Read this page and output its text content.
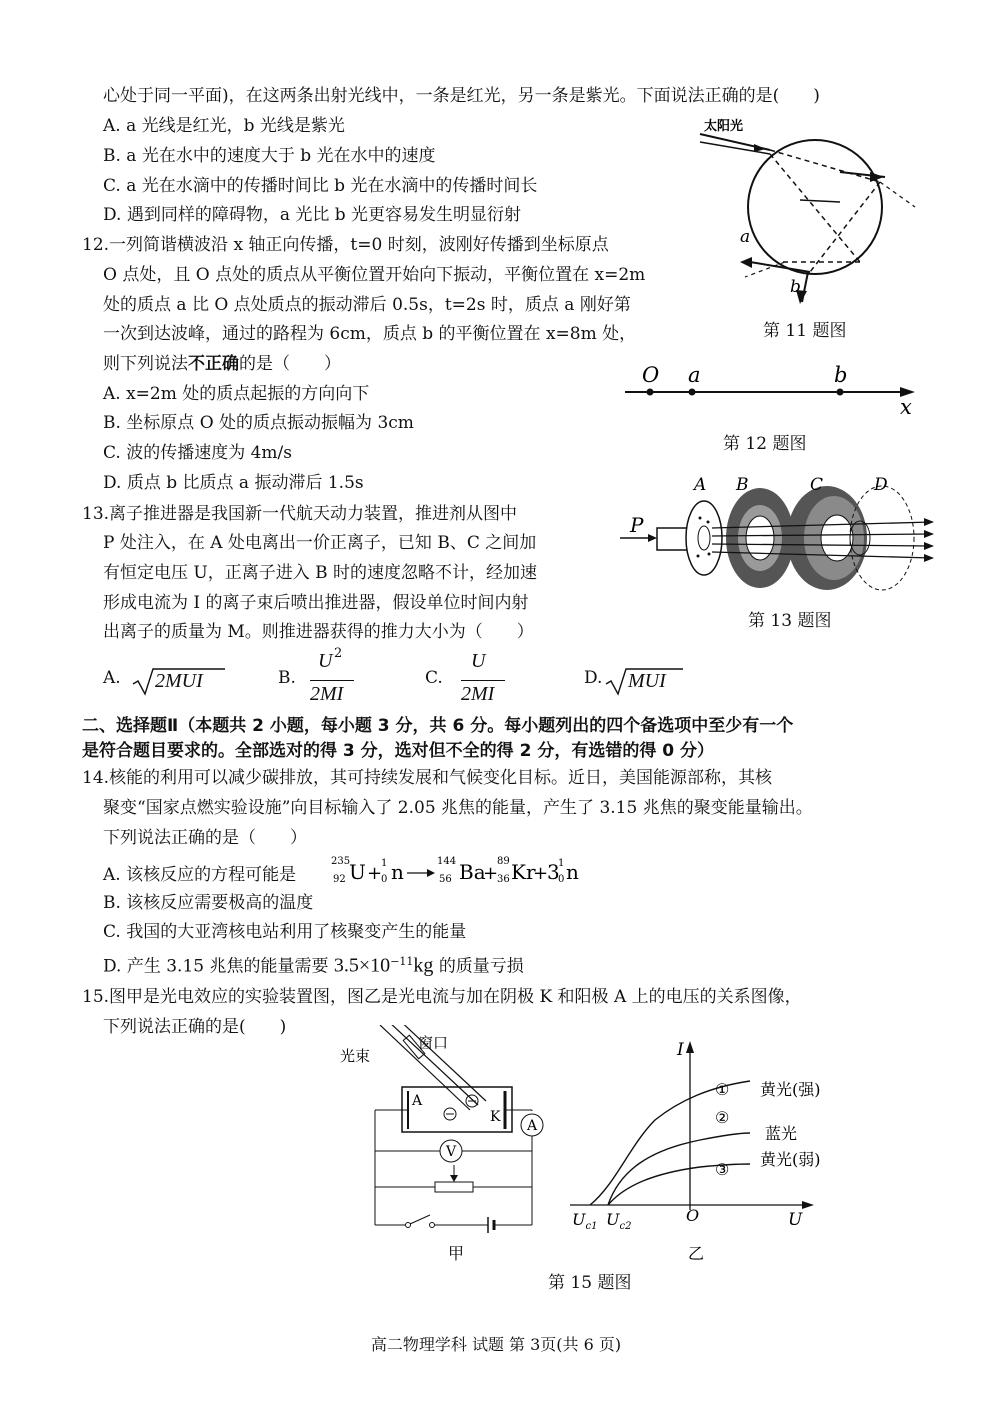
心处于同一平面)，在这两条出射光线中，一条是红光，另一条是紫光。下面说法正确的是(　　)
A. a 光线是红光，b 光线是紫光
B. a 光在水中的速度大于 b 光在水中的速度
C. a 光在水滴中的传播时间比 b 光在水滴中的传播时间长
D. 遇到同样的障碍物，a 光比 b 光更容易发生明显衍射
太阳光
a
b
第 11 题图
12.一列简谐横波沿 x 轴正向传播，t=0 时刻，波刚好传播到坐标原点
O 点处，且 O 点处的质点从平衡位置开始向下振动，平衡位置在 x=2m
处的质点 a 比 O 点处质点的振动滞后 0.5s，t=2s 时，质点 a 刚好第
一次到达波峰，通过的路程为 6cm，质点 b 的平衡位置在 x=8m 处，
则下列说法不正确的是（　　）
A. x=2m 处的质点起振的方向向下
B. 坐标原点 O 处的质点振动振幅为 3cm
C. 波的传播速度为 4m/s
D. 质点 b 比质点 a 振动滞后 1.5s
O a	b
x
第 12 题图
13.离子推进器是我国新一代航天动力装置，推进剂从图中
P 处注入，在 A 处电离出一价正离子，已知 B、C 之间加
有恒定电压 U，正离子进入 B 时的速度忽略不计，经加速
形成电流为 I 的离子束后喷出推进器，假设单位时间内射
出离子的质量为 M。则推进器获得的推力大小为（　　）
P
A B	C	D
第 13 题图
A. 2MUI	B.
U 2
2MI
C.
U
2MI
D. MUI
二、选择题Ⅱ（本题共 2 小题，每小题 3 分，共 6 分。每小题列出的四个备选项中至少有一个
是符合题目要求的。全部选对的得 3 分，选对但不全的得 2 分，有选错的得 0 分）
14.核能的利用可以减少碳排放，其可持续发展和气候变化目标。近日，美国能源部称，其核
聚变“国家点燃实验设施”向目标输入了 2.05 兆焦的能量，产生了 3.15 兆焦的聚变能量输出。
下列说法正确的是（　　）
A. 该核反应的方程可能是
235
92 U +
1
0 n	144
56 Ba
+
89
36 Kr
+
3
1
0 n
B. 该核反应需要极高的温度
C. 我国的大亚湾核电站利用了核聚变产生的能量
D. 产生 3.15 兆焦的能量需要 $3.5\times 10^{-11}kg$ 的质量亏损
15.图甲是光电效应的实验装置图，图乙是光电流与加在阴极 K 和阳极 A 上的电压的关系图像，
下列说法正确的是(　　)
窗口
光束
A
K
A
V
甲
I
U
O
$U_{c1}$ $U_{c2}$
① 黄光(强)
②
蓝光
③
黄光(弱)
乙
第 15 题图
高二物理学科 试题 第 3页(共 6 页)
